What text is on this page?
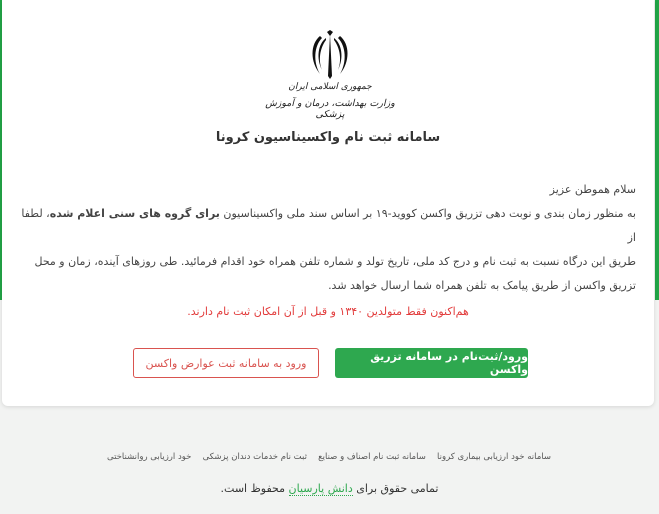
جمهوری اسلامی ایران
وزارت بهداشت، درمان و آموزش پزشکی
سامانه ثبت نام واکسیناسیون کرونا

سلام هموطن عزیز

به منظور زمان بندی و نوبت دهی تزریق واکسن کووید-۱۹ بر اساس سند ملی واکسیناسیون برای گروه های سنی اعلام شده، لطفا از

طریق این درگاه نسبت به ثبت نام و درج کد ملی، تاریخ تولد و شماره تلفن همراه خود اقدام فرمائید. طی روزهای آینده، زمان و محل

تزریق واکسن از طریق پیامک به تلفن همراه شما ارسال خواهد شد.

هم‌اکنون فقط متولدین ۱۳۴۰ و قبل از آن امکان ثبت نام دارند.
ورود/ثبت‌نام در سامانه تزریق واکسن
ورود به سامانه ثبت عوارض واکسن
سامانه خود ارزیابی بیماری کرونا
سامانه ثبت نام اصناف و صنایع
ثبت نام خدمات دندان پزشکی
خود ارزیابی روانشناختی
تمامی حقوق برای دانش پارسیان محفوظ است.
